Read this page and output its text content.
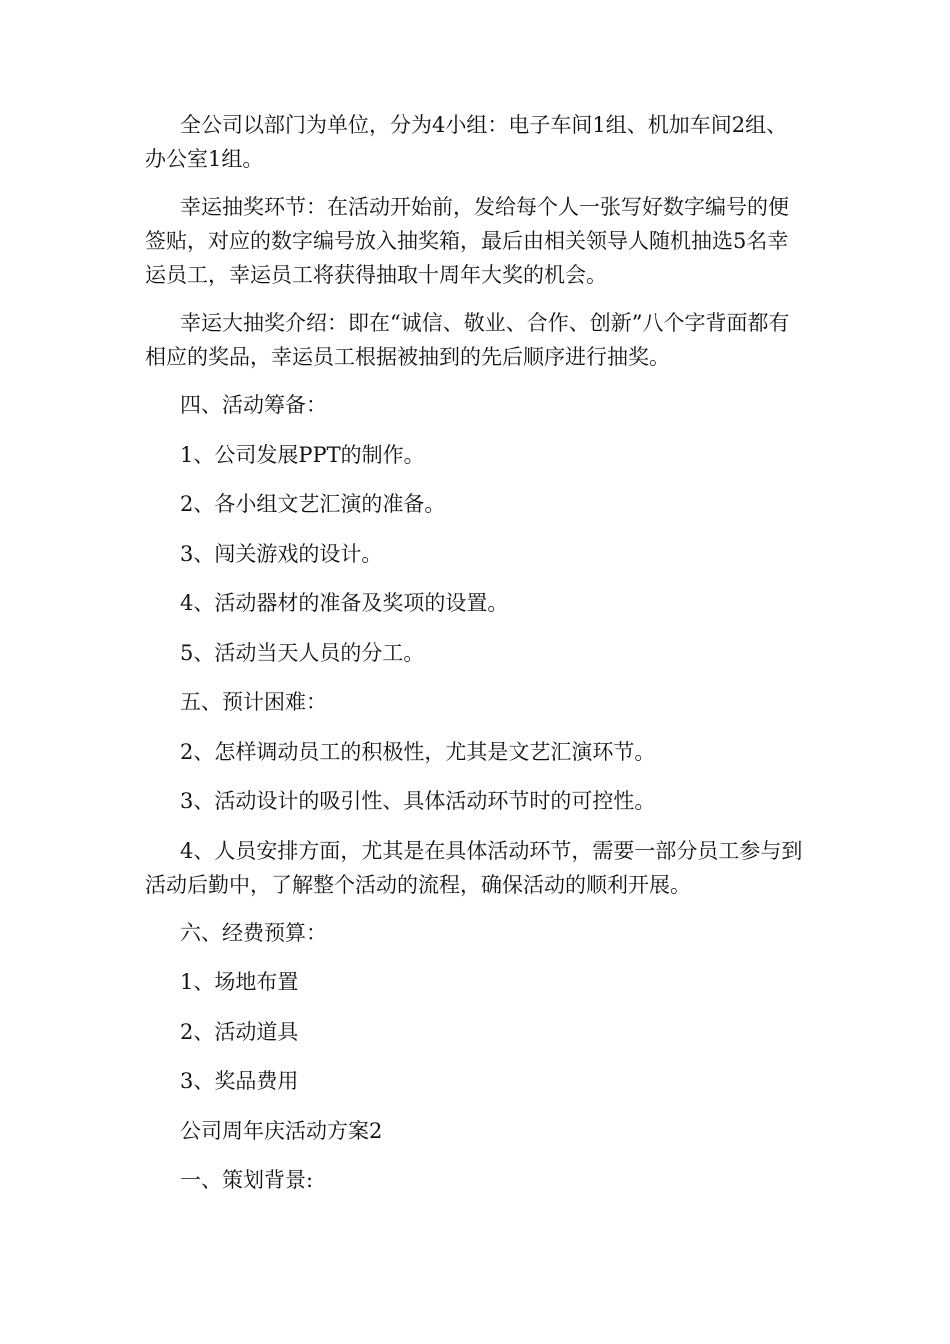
全公司以部门为单位，分为4小组：电子车间1组、机加车间2组、办公室1组。

幸运抽奖环节：在活动开始前，发给每个人一张写好数字编号的便签贴，对应的数字编号放入抽奖箱，最后由相关领导人随机抽选5名幸运员工，幸运员工将获得抽取十周年大奖的机会。

幸运大抽奖介绍：即在“诚信、敬业、合作、创新”八个字背面都有相应的奖品，幸运员工根据被抽到的先后顺序进行抽奖。

四、活动筹备：

1、公司发展PPT的制作。

2、各小组文艺汇演的准备。

3、闯关游戏的设计。

4、活动器材的准备及奖项的设置。

5、活动当天人员的分工。

五、预计困难：

2、怎样调动员工的积极性，尤其是文艺汇演环节。

3、活动设计的吸引性、具体活动环节时的可控性。

4、人员安排方面，尤其是在具体活动环节，需要一部分员工参与到活动后勤中，了解整个活动的流程，确保活动的顺利开展。

六、经费预算：

1、场地布置

2、活动道具

3、奖品费用

公司周年庆活动方案2

一、策划背景:
